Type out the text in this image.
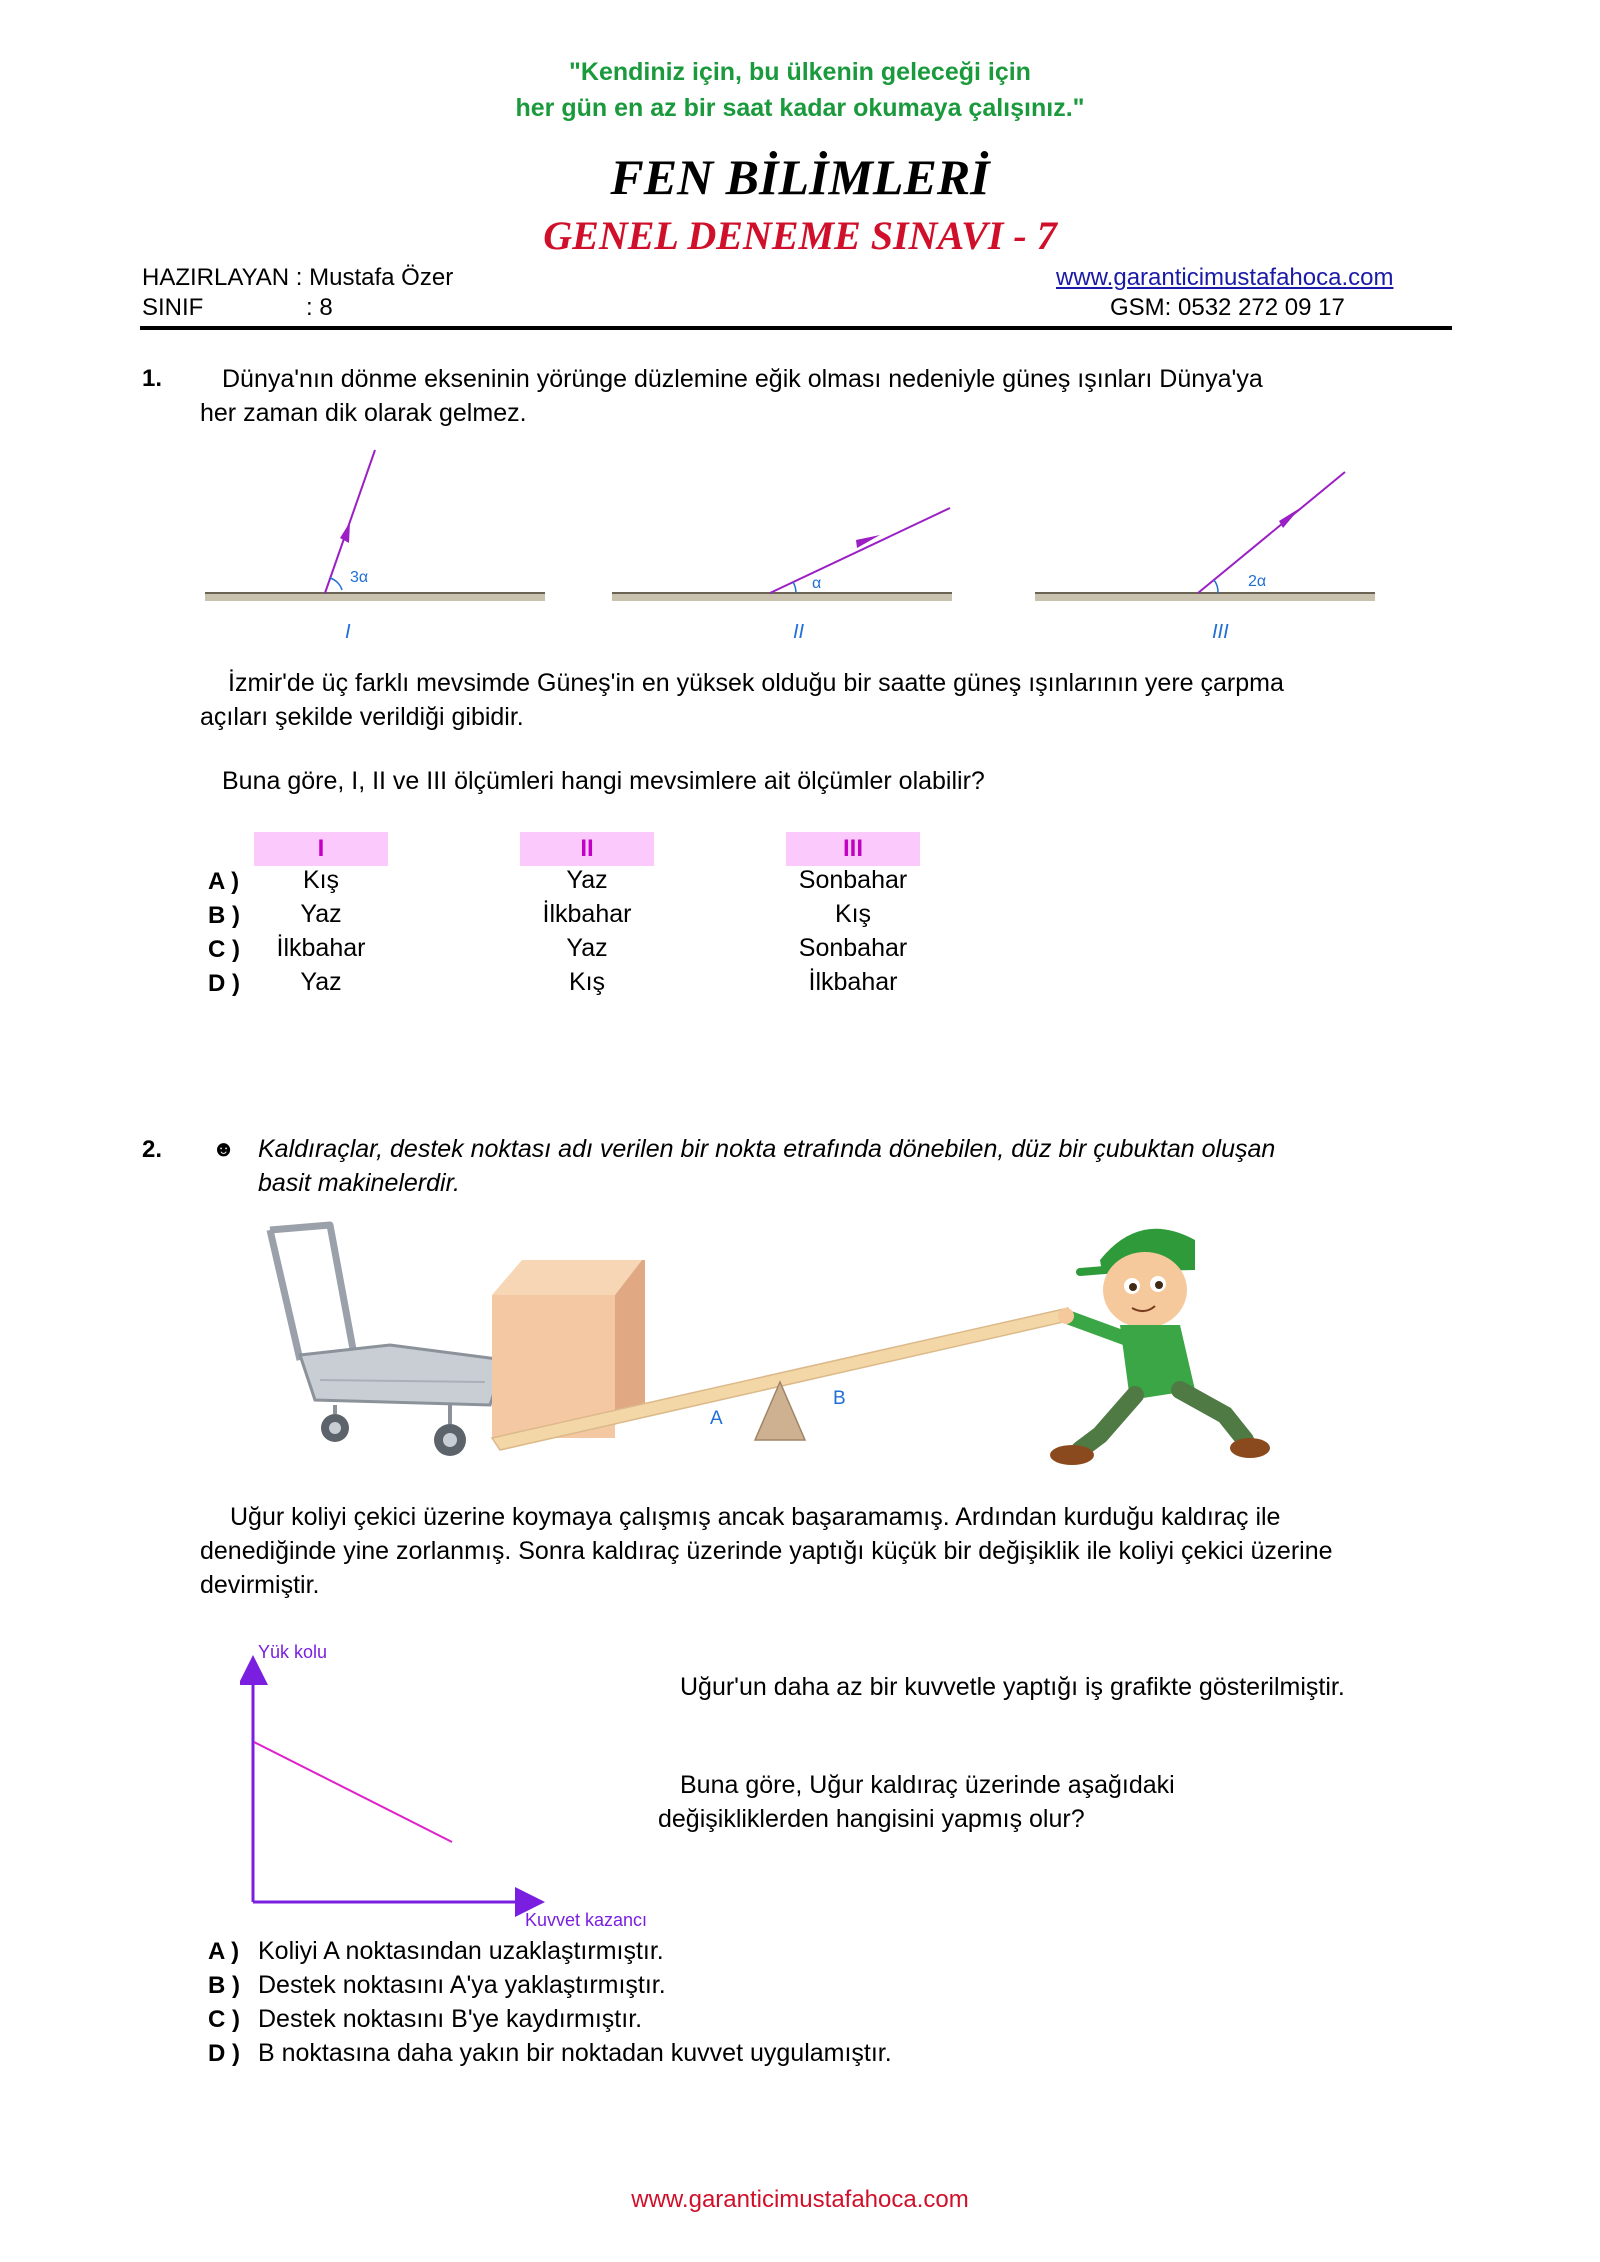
"Kendiniz için, bu ülkenin geleceği için
her gün en az bir saat kadar okumaya çalışınız."
FEN BİLİMLERİ
GENEL DENEME SINAVI - 7
HAZIRLAYAN : Mustafa Özer
SINIF	: 8
www.garanticimustafahoca.com
GSM: 0532 272 09 17
1. Dünya'nın dönme ekseninin yörünge düzlemine eğik olması nedeniyle güneş ışınları Dünya'ya
her zaman dik olarak gelmez.
3α
I
α
II
2α
III
İzmir'de üç farklı mevsimde Güneş'in en yüksek olduğu bir saatte güneş ışınlarının yere çarpma
açıları şekilde verildiği gibidir.
Buna göre, I, II ve III ölçümleri hangi mevsimlere ait ölçümler olabilir?
I	II	III
A )	Kış	Yaz	Sonbahar
B )	Yaz	İlkbahar	Kış
C )	İlkbahar	Yaz	Sonbahar
D )	Yaz	Kış	İlkbahar
2. ☻ Kaldıraçlar, destek noktası adı verilen bir nokta etrafında dönebilen, düz bir çubuktan oluşan
basit makinelerdir.
A
B
Uğur koliyi çekici üzerine koymaya çalışmış ancak başaramamış. Ardından kurduğu kaldıraç ile
denediğinde yine zorlanmış. Sonra kaldıraç üzerinde yaptığı küçük bir değişiklik ile koliyi çekici üzerine
devirmiştir.
Yük kolu
Kuvvet kazancı
Uğur'un daha az bir kuvvetle yaptığı iş grafikte gösterilmiştir.
Buna göre, Uğur kaldıraç üzerinde aşağıdaki
değişikliklerden hangisini yapmış olur?
A ) Koliyi A noktasından uzaklaştırmıştır.
B ) Destek noktasını A'ya yaklaştırmıştır.
C ) Destek noktasını B'ye kaydırmıştır.
D ) B noktasına daha yakın bir noktadan kuvvet uygulamıştır.
www.garanticimustafahoca.com
